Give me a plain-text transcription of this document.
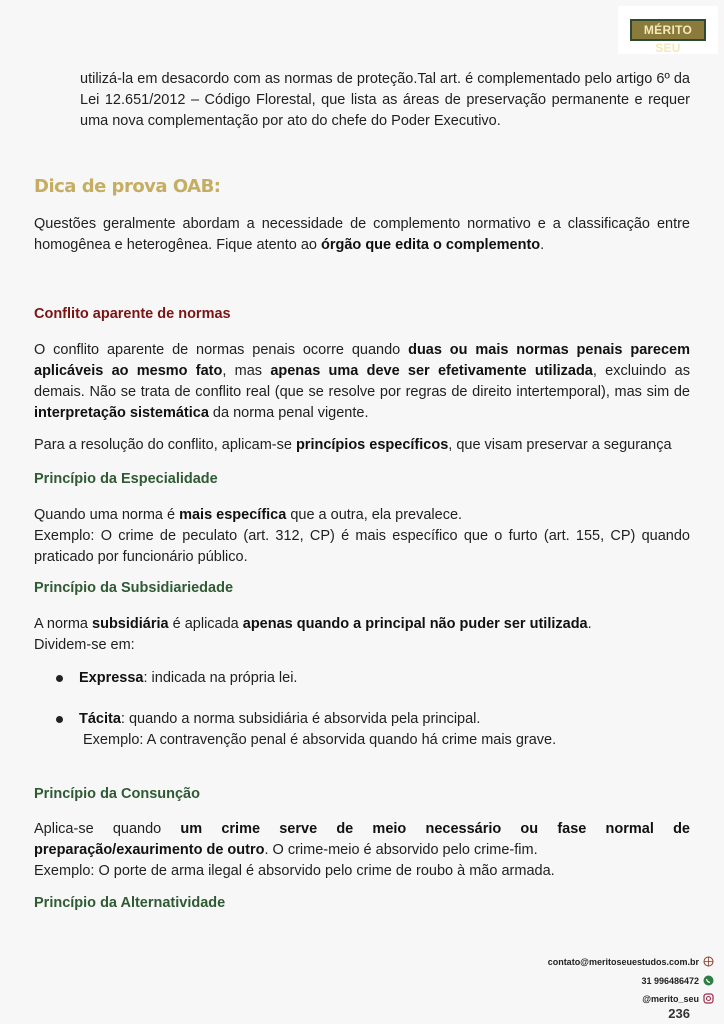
MÉRITO SEU

utilizá-la em desacordo com as normas de proteção.Tal art. é complementado pelo artigo 6º da Lei 12.651/2012 – Código Florestal, que lista as áreas de preservação permanente e requer uma nova complementação por ato do chefe do Poder Executivo.

Dica de prova OAB:

Questões geralmente abordam a necessidade de complemento normativo e a classificação entre homogênea e heterogênea. Fique atento ao órgão que edita o complemento.

Conflito aparente de normas

O conflito aparente de normas penais ocorre quando duas ou mais normas penais parecem aplicáveis ao mesmo fato, mas apenas uma deve ser efetivamente utilizada, excluindo as demais. Não se trata de conflito real (que se resolve por regras de direito intertemporal), mas sim de interpretação sistemática da norma penal vigente.

Para a resolução do conflito, aplicam-se princípios específicos, que visam preservar a segurança

Princípio da Especialidade

Quando uma norma é mais específica que a outra, ela prevalece.

Exemplo: O crime de peculato (art. 312, CP) é mais específico que o furto (art. 155, CP) quando praticado por funcionário público.

Princípio da Subsidiariedade

A norma subsidiária é aplicada apenas quando a principal não puder ser utilizada.

Dividem-se em:

Expressa: indicada na própria lei.

Tácita: quando a norma subsidiária é absorvida pela principal.

Exemplo: A contravenção penal é absorvida quando há crime mais grave.

Princípio da Consunção

Aplica-se quando um crime serve de meio necessário ou fase normal de preparação/exaurimento de outro. O crime-meio é absorvido pelo crime-fim.

Exemplo: O porte de arma ilegal é absorvido pelo crime de roubo à mão armada.

Princípio da Alternatividade
contato@meritoseuestudos.com.br
31 996486472
@merito_seu
236
